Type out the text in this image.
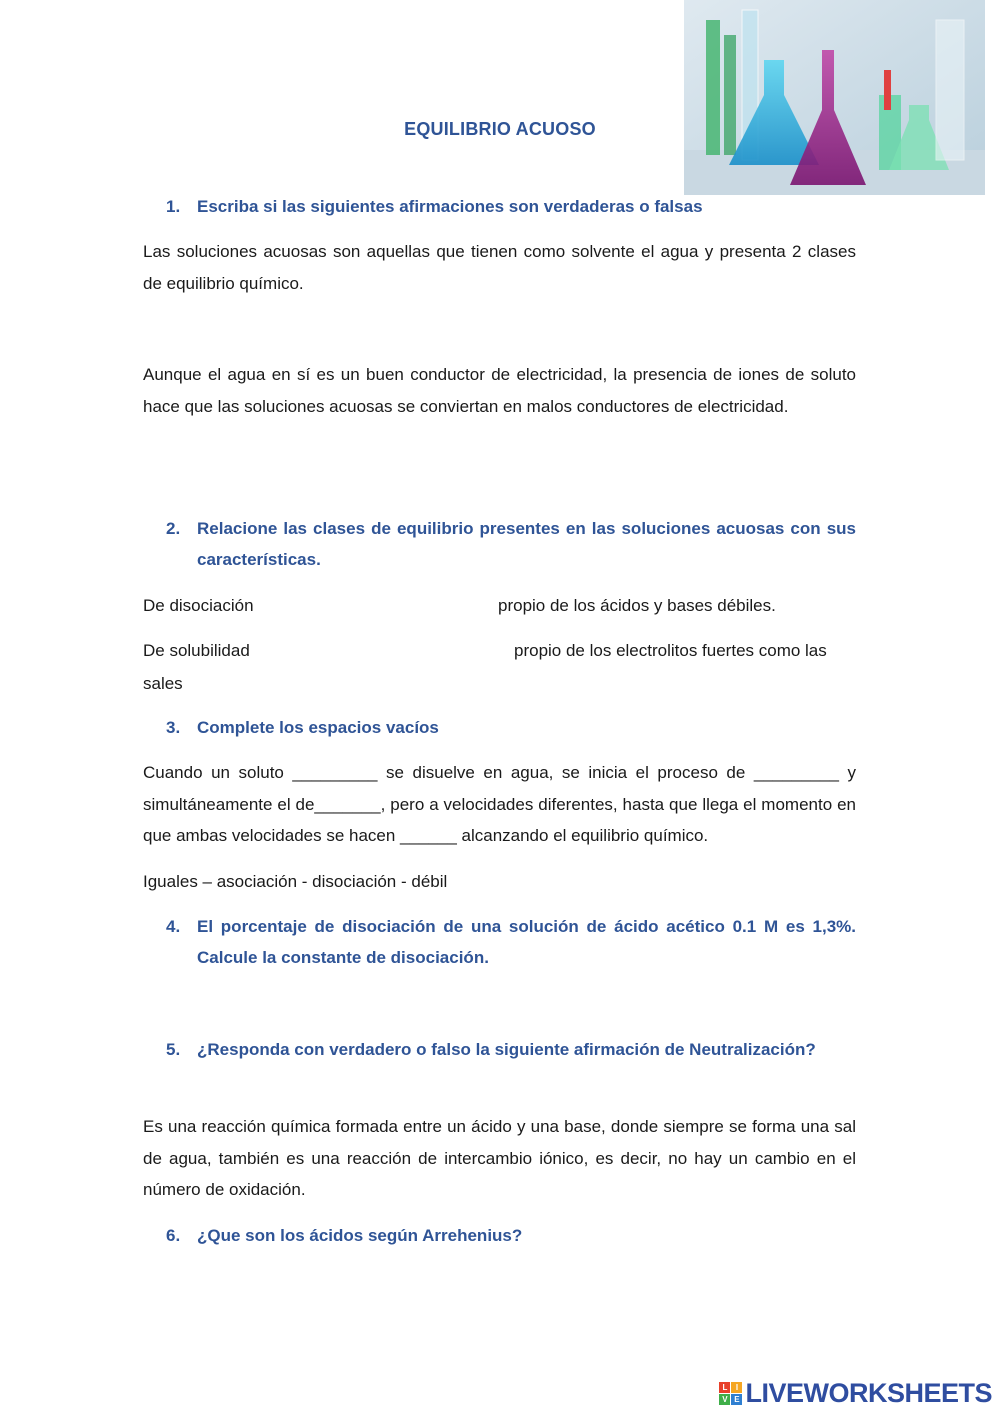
EQUILIBRIO ACUOSO
1. Escriba si las siguientes afirmaciones son verdaderas o falsas
Las soluciones acuosas son aquellas que tienen como solvente el agua y presenta 2 clases de equilibrio químico.
Aunque el agua en sí es un buen conductor de electricidad, la presencia de iones de soluto hace que las soluciones acuosas se conviertan en malos conductores de electricidad.
2. Relacione las clases de equilibrio presentes en las soluciones acuosas con sus características.
De disociación	propio de los ácidos y bases débiles.
De solubilidad	propio de los electrolitos fuertes como las
sales
3. Complete los espacios vacíos
Cuando un soluto _________ se disuelve en agua, se inicia el proceso de _________ y simultáneamente el de_______, pero a velocidades diferentes, hasta que llega el momento en que ambas velocidades se hacen ______ alcanzando el equilibrio químico.
Iguales – asociación - disociación - débil
4. El porcentaje de disociación de una solución de ácido acético 0.1 M es 1,3%. Calcule la constante de disociación.
5. ¿Responda con verdadero o falso la siguiente afirmación de Neutralización?
Es una reacción química formada entre un ácido y una base, donde siempre se forma una sal de agua, también es una reacción de intercambio iónico, es decir, no hay un cambio en el número de oxidación.
6. ¿Que son los ácidos según Arrehenius?
L	I
V E LIVEWORKSHEETS
